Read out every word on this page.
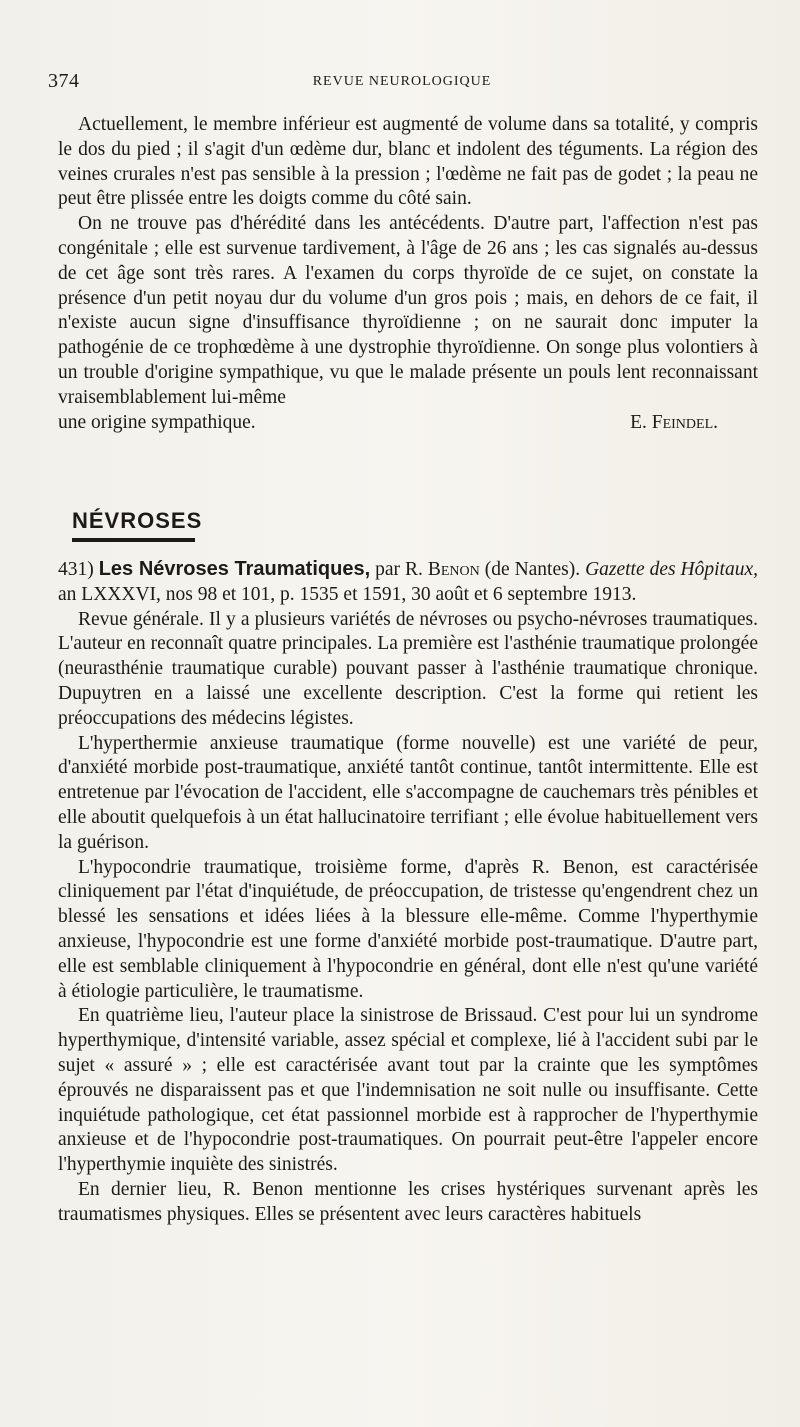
374	REVUE NEUROLOGIQUE

Actuellement, le membre inférieur est augmenté de volume dans sa totalité, y compris le dos du pied ; il s'agit d'un œdème dur, blanc et indolent des téguments. La région des veines crurales n'est pas sensible à la pression ; l'œdème ne fait pas de godet ; la peau ne peut être plissée entre les doigts comme du côté sain.

On ne trouve pas d'hérédité dans les antécédents. D'autre part, l'affection n'est pas congénitale ; elle est survenue tardivement, à l'âge de 26 ans ; les cas signalés au-dessus de cet âge sont très rares. A l'examen du corps thyroïde de ce sujet, on constate la présence d'un petit noyau dur du volume d'un gros pois ; mais, en dehors de ce fait, il n'existe aucun signe d'insuffisance thyroïdienne ; on ne saurait donc imputer la pathogénie de ce trophœdème à une dystrophie thyroïdienne. On songe plus volontiers à un trouble d'origine sympathique, vu que le malade présente un pouls lent reconnaissant vraisemblablement lui-même

une origine sympathique.	E. Feindel.
NÉVROSES

431) Les Névroses Traumatiques, par R. Benon (de Nantes). Gazette des Hôpitaux, an LXXXVI, nos 98 et 101, p. 1535 et 1591, 30 août et 6 septembre 1913.

Revue générale. Il y a plusieurs variétés de névroses ou psycho-névroses traumatiques. L'auteur en reconnaît quatre principales. La première est l'asthénie traumatique prolongée (neurasthénie traumatique curable) pouvant passer à l'asthénie traumatique chronique. Dupuytren en a laissé une excellente description. C'est la forme qui retient les préoccupations des médecins légistes.

L'hyperthermie anxieuse traumatique (forme nouvelle) est une variété de peur, d'anxiété morbide post-traumatique, anxiété tantôt continue, tantôt intermittente. Elle est entretenue par l'évocation de l'accident, elle s'accompagne de cauchemars très pénibles et elle aboutit quelquefois à un état hallucinatoire terrifiant ; elle évolue habituellement vers la guérison.

L'hypocondrie traumatique, troisième forme, d'après R. Benon, est caractérisée cliniquement par l'état d'inquiétude, de préoccupation, de tristesse qu'engendrent chez un blessé les sensations et idées liées à la blessure elle-même. Comme l'hyperthymie anxieuse, l'hypocondrie est une forme d'anxiété morbide post-traumatique. D'autre part, elle est semblable cliniquement à l'hypocondrie en général, dont elle n'est qu'une variété à étiologie particulière, le traumatisme.

En quatrième lieu, l'auteur place la sinistrose de Brissaud. C'est pour lui un syndrome hyperthymique, d'intensité variable, assez spécial et complexe, lié à l'accident subi par le sujet « assuré » ; elle est caractérisée avant tout par la crainte que les symptômes éprouvés ne disparaissent pas et que l'indemnisation ne soit nulle ou insuffisante. Cette inquiétude pathologique, cet état passionnel morbide est à rapprocher de l'hyperthymie anxieuse et de l'hypocondrie post-traumatiques. On pourrait peut-être l'appeler encore l'hyperthymie inquiète des sinistrés.

En dernier lieu, R. Benon mentionne les crises hystériques survenant après les traumatismes physiques. Elles se présentent avec leurs caractères habituels
